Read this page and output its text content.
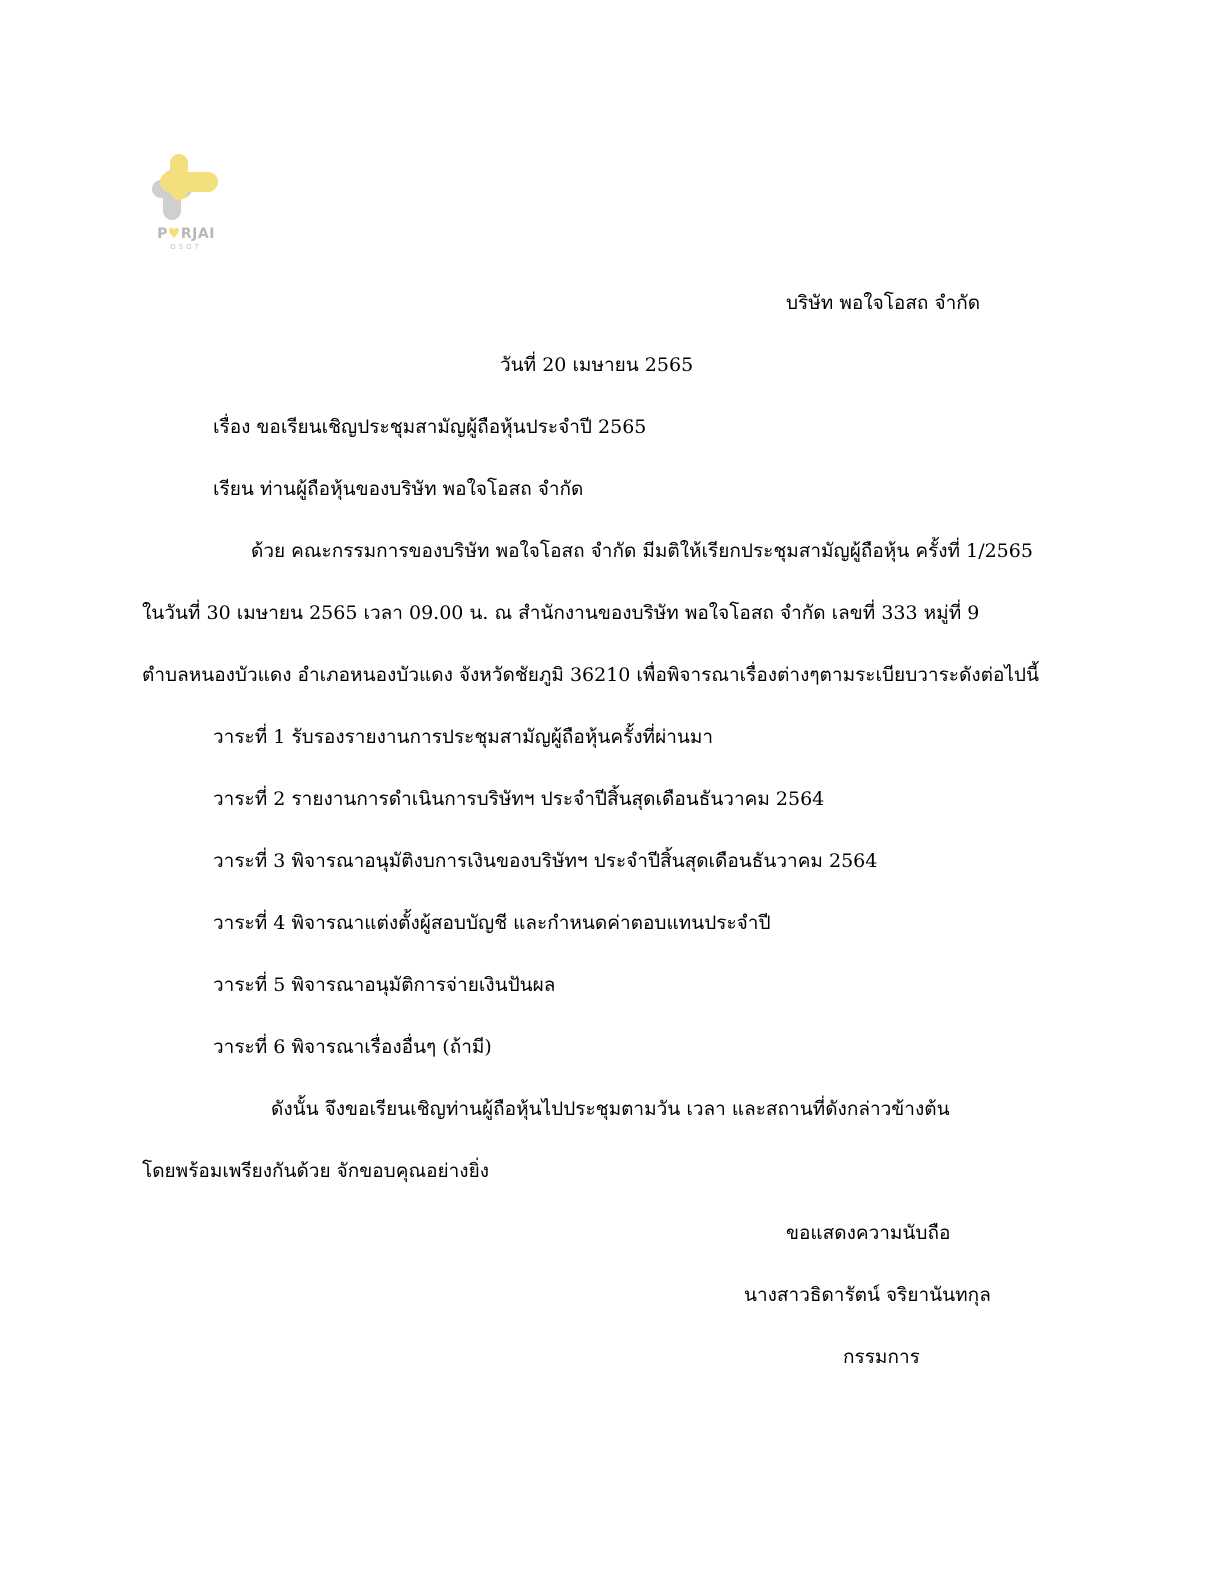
P♥RJAI
OSOT
บริษัท พอใจโอสถ จำกัด
วันที่ 20 เมษายน 2565
เรื่อง ขอเรียนเชิญประชุมสามัญผู้ถือหุ้นประจำปี 2565
เรียน ท่านผู้ถือหุ้นของบริษัท พอใจโอสถ จำกัด
ด้วย คณะกรรมการของบริษัท พอใจโอสถ จำกัด มีมติให้เรียกประชุมสามัญผู้ถือหุ้น ครั้งที่ 1/2565
ในวันที่ 30 เมษายน 2565 เวลา 09.00 น. ณ สำนักงานของบริษัท พอใจโอสถ จำกัด เลขที่ 333 หมู่ที่ 9
ตำบลหนองบัวแดง อำเภอหนองบัวแดง จังหวัดชัยภูมิ 36210 เพื่อพิจารณาเรื่องต่างๆตามระเบียบวาระดังต่อไปนี้
วาระที่ 1 รับรองรายงานการประชุมสามัญผู้ถือหุ้นครั้งที่ผ่านมา
วาระที่ 2 รายงานการดำเนินการบริษัทฯ ประจำปีสิ้นสุดเดือนธันวาคม 2564
วาระที่ 3 พิจารณาอนุมัติงบการเงินของบริษัทฯ ประจำปีสิ้นสุดเดือนธันวาคม 2564
วาระที่ 4 พิจารณาแต่งตั้งผู้สอบบัญชี และกำหนดค่าตอบแทนประจำปี
วาระที่ 5 พิจารณาอนุมัติการจ่ายเงินปันผล
วาระที่ 6 พิจารณาเรื่องอื่นๆ (ถ้ามี)
ดังนั้น จึงขอเรียนเชิญท่านผู้ถือหุ้นไปประชุมตามวัน เวลา และสถานที่ดังกล่าวข้างต้น
โดยพร้อมเพรียงกันด้วย จักขอบคุณอย่างยิ่ง
ขอแสดงความนับถือ
นางสาวธิดารัตน์ จริยานันทกุล
กรรมการ
